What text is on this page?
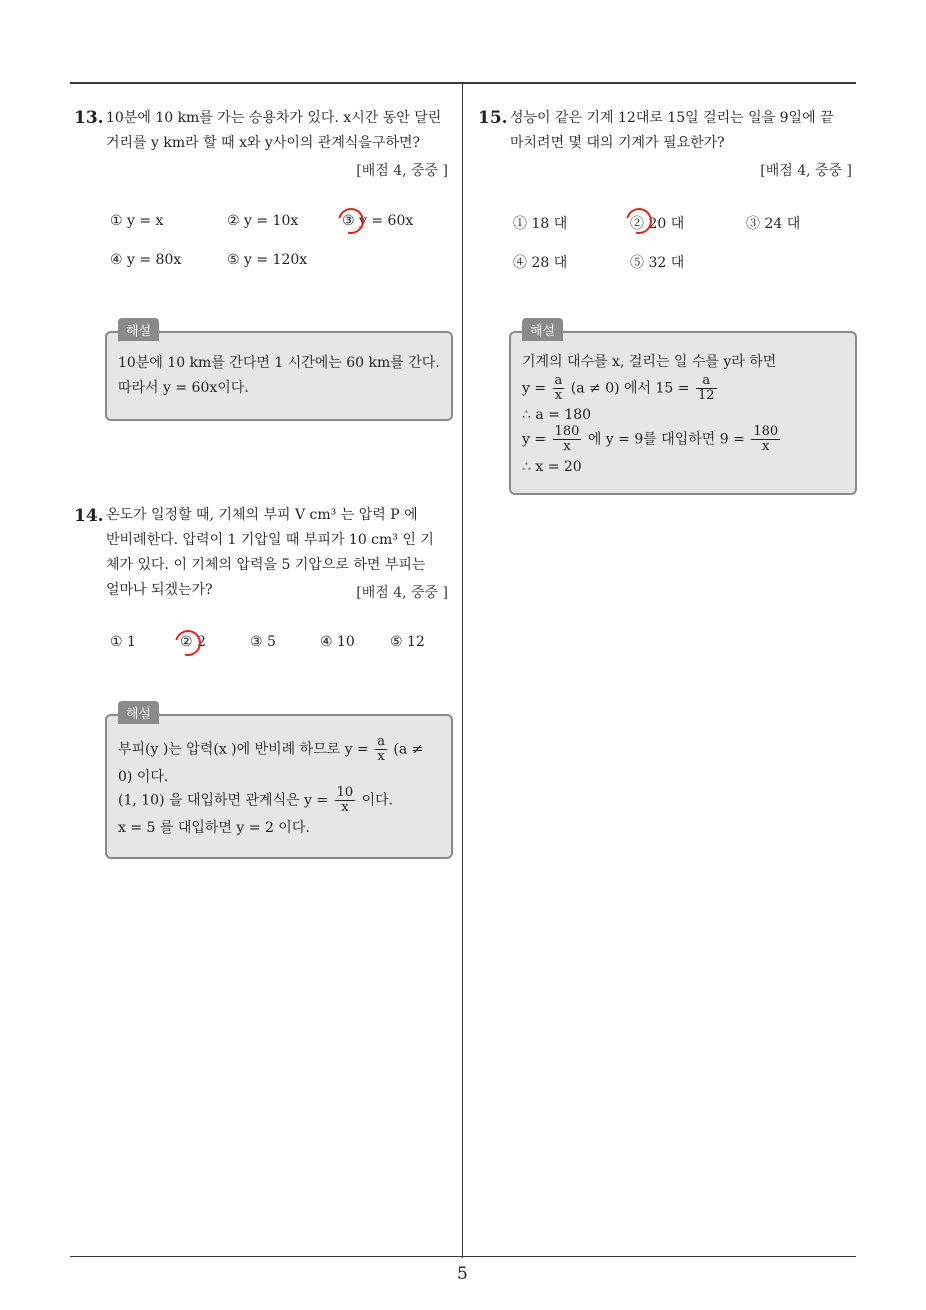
5
13. 10분에 10 km를 가는 승용차가 있다. x시간 동안 달린
거리를 y km라 할 때 x와 y사이의 관계식을구하면?
[배점 4, 중중 ]
① y = x	② y = 10x	③ y = 60x
④ y = 80x	⑤ y = 120x
해설
10분에 10 km를 간다면 1 시간에는 60 km를 간다.
따라서 y = 60x이다.
14. 온도가 일정할 때, 기체의 부피 V cm³ 는 압력 P 에
반비례한다. 압력이 1 기압일 때 부피가 10 cm³ 인 기
체가 있다. 이 기체의 압력을 5 기압으로 하면 부피는
얼마나 되겠는가?	[배점 4, 중중 ]
① 1	② 2	③ 5	④ 10	⑤ 12
해설
부피(y )는 압력(x )에 반비례 하므로 $y = \frac{a}{x} (a$ ≠
0) 이다.
(1, 10) 을 대입하면 관계식은 $y = \frac{10}{x}$ 이다.
x = 5 를 대입하면 y = 2 이다.
15. 성능이 같은 기계 12대로 15일 걸리는 일을 9일에 끝
마치려면 몇 대의 기계가 필요한가?
[배점 4, 중중 ]
① 18 대	② 20 대	③ 24 대
④ 28 대	⑤ 32 대
해설
기계의 대수를 x, 걸리는 일 수를 y라 하면
$y = \frac{a}{x} (a \ne 0)$ 에서 $15 = \frac{a}{12}$
∴ a = 180
$y = \frac{180}{x}$ 에 y = 9를 대입하면 $9 = \frac{180}{x}$
∴ x = 20
